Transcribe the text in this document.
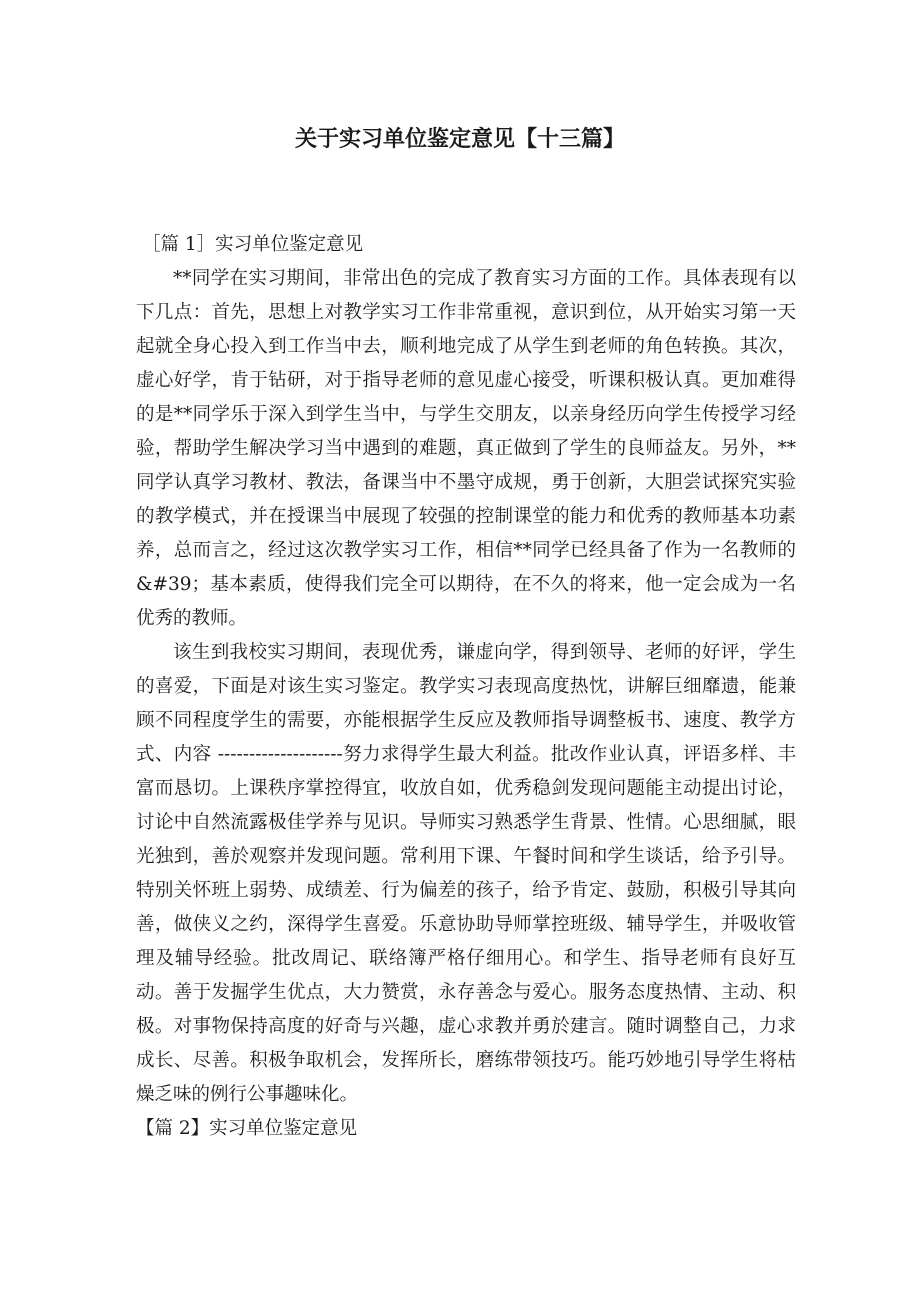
关于实习单位鉴定意见【十三篇】

［篇 1］实习单位鉴定意见

**同学在实习期间，非常出色的完成了教育实习方面的工作。具体表现有以下几点：首先，思想上对教学实习工作非常重视，意识到位，从开始实习第一天起就全身心投入到工作当中去，顺利地完成了从学生到老师的角色转换。其次，虚心好学，肯于钻研，对于指导老师的意见虚心接受，听课积极认真。更加难得的是**同学乐于深入到学生当中，与学生交朋友，以亲身经历向学生传授学习经验，帮助学生解决学习当中遇到的难题，真正做到了学生的良师益友。另外，**同学认真学习教材、教法，备课当中不墨守成规，勇于创新，大胆尝试探究实验的教学模式，并在授课当中展现了较强的控制课堂的能力和优秀的教师基本功素养，总而言之，经过这次教学实习工作，相信**同学已经具备了作为一名教师的&#39；基本素质，使得我们完全可以期待，在不久的将来，他一定会成为一名优秀的教师。

该生到我校实习期间，表现优秀，谦虚向学，得到领导、老师的好评，学生的喜爱，下面是对该生实习鉴定。教学实习表现高度热忱，讲解巨细靡遗，能兼顾不同程度学生的需要，亦能根据学生反应及教师指导调整板书、速度、教学方式、内容 --------------------努力求得学生最大利益。批改作业认真，评语多样、丰富而恳切。上课秩序掌控得宜，收放自如，优秀稳剑发现问题能主动提出讨论，讨论中自然流露极佳学养与见识。导师实习熟悉学生背景、性情。心思细腻，眼光独到，善於观察并发现问题。常利用下课、午餐时间和学生谈话，给予引导。特别关怀班上弱势、成绩差、行为偏差的孩子，给予肯定、鼓励，积极引导其向善，做侠义之约，深得学生喜爱。乐意协助导师掌控班级、辅导学生，并吸收管理及辅导经验。批改周记、联络簿严格仔细用心。和学生、指导老师有良好互动。善于发掘学生优点，大力赞赏，永存善念与爱心。服务态度热情、主动、积极。对事物保持高度的好奇与兴趣，虚心求教并勇於建言。随时调整自己，力求成长、尽善。积极争取机会，发挥所长，磨练带领技巧。能巧妙地引导学生将枯燥乏味的例行公事趣味化。

【篇 2】实习单位鉴定意见
